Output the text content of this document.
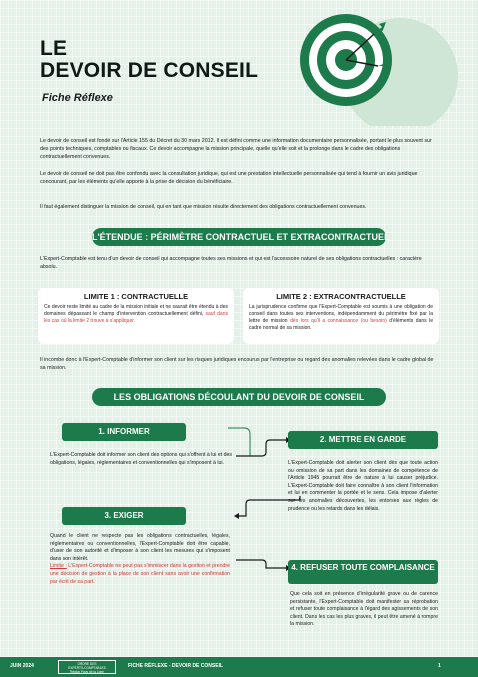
LE
DEVOIR DE CONSEIL
Fiche Réflexe
Le devoir de conseil est fondé sur l'Article 155 du Décret du 30 mars 2012. Il est défini comme une information documentaire personnalisée, portant le plus souvent sur des points techniques, comptables ou fiscaux. Ce devoir accompagne la mission principale, quelle qu'elle soit et la prolonge dans le cadre des obligations contractuellement convenues.
Le devoir de conseil ne doit pas être confondu avec la consultation juridique, qui est une prestation intellectuelle personnalisée qui tend à fournir un avis juridique concourant, par les éléments qu'elle apporte à la prise de décision du bénéficiaire.
Il faut également distinguer la mission de conseil, qui en tant que mission résulte directement des obligations contractuellement convenues.
L'ÉTENDUE : PÉRIMÈTRE CONTRACTUEL ET EXTRACONTRACTUEL
L'Expert-Comptable est tenu d'un devoir de conseil qui accompagne toutes ses missions et qui est l'accessoire naturel de ses obligations contractuelles : caractère absolu.
LIMITE 1 : CONTRACTUELLE
Ce devoir reste limité au cadre de la mission initiale et ne saurait être étendu à des domaines dépassant le champ d'intervention contractuellement défini, sauf dans les cas où la limite 2 trouve à s'appliquer.
LIMITE 2 : EXTRACONTRACTUELLE
La jurisprudence confirme que l'Expert-Comptable est soumis à une obligation de conseil dans toutes ses interventions, indépendamment du périmètre fixé par la lettre de mission dès lors qu'il a connaissance (ou besoin) d'éléments dans le cadre normal de sa mission.
Il incombe donc à l'Expert-Comptable d'informer son client sur les risques juridiques encourus par l'entreprise ou regard des anomalies relevées dans le cadre global de sa mission.
LES OBLIGATIONS DÉCOULANT DU DEVOIR DE CONSEIL
1. INFORMER
L'Expert-Comptable doit informer son client des options qui s'offrent à lui et des obligations, légales, réglementaires et conventionnelles qui s'imposent à lui.
2. METTRE EN GARDE
L'Expert-Comptable doit alerter son client dès que toute action ou omission de sa part dans les domaines de compétence de l'Article 1945 pourrait être de nature à lui causer préjudice. L'Expert-Comptable doit faire connaître à son client l'information et lui en commenter la portée et le sens. Cela impose d'alerter sur les anomalies découvertes, les entorses aux règles de prudence ou les retards dans les délais.
3. EXIGER
Quand le client ne respecte pas les obligations contractuelles, légales, réglementaires ou conventionnelles, l'Expert-Comptable doit être capable, d'user de son autorité et d'imposer à son client les mesures qui s'imposent dans son intérêt.
Limite : L'Expert-Comptable ne peut pas s'immiscer dans la gestion et prendre une décision de gestion à la place de son client sans avoir une confirmation par écrit de sa part.
4. REFUSER TOUTE COMPLAISANCE
Que cela soit en présence d'irrégularité grave ou de carence persistante, l'Expert-Comptable doit manifester sa réprobation et refuser toute complaisance à l'égard des agissements de son client. Dans les cas les plus graves, il peut être amené à rompre la mission.
JUIN 2024	ORDRE DES
EXPERTS-COMPTABLES
Région Pays de la Loire
FICHE RÉFLEXE - DEVOIR DE CONSEIL	1
